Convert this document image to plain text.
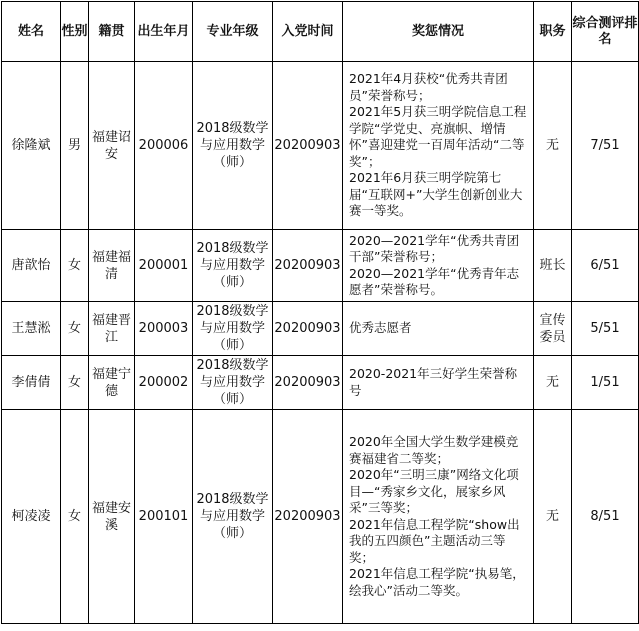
姓名	性别	籍贯	出生年月	专业年级	入党时间	奖惩情况	职务	综合测评排名
徐隆斌	男	福建诏安	200006	2018级数学与应用数学（师）	20200903	2021年4月获校“优秀共青团员”荣誉称号；
2021年5月获三明学院信息工程学院“学党史、亮旗帜、增情怀”喜迎建党一百周年活动“二等奖”；
2021年6月获三明学院第七届“互联网+”大学生创新创业大赛一等奖。	无	7/51
唐歆怡	女	福建福清	200001	2018级数学与应用数学（师）	20200903	2020—2021学年“优秀共青团干部”荣誉称号；
2020—2021学年“优秀青年志愿者”荣誉称号。	班长	6/51
王慧淞	女	福建晋江	200003	2018级数学与应用数学（师）	20200903	优秀志愿者	宣传委员	5/51
李倩倩	女	福建宁德	200002	2018级数学与应用数学（师）	20200903	2020-2021年三好学生荣誉称号	无	1/51
柯凌凌	女	福建安溪	200101	2018级数学与应用数学（师）	20200903	2020年全国大学生数学建模竞赛福建省二等奖；
2020年“三明三康”网络文化项目—“秀家乡文化，展家乡风采”三等奖；
2021年信息工程学院“show出我的五四颜色”主题活动三等奖；
2021年信息工程学院“执易笔，绘我心”活动二等奖。	无	8/51
